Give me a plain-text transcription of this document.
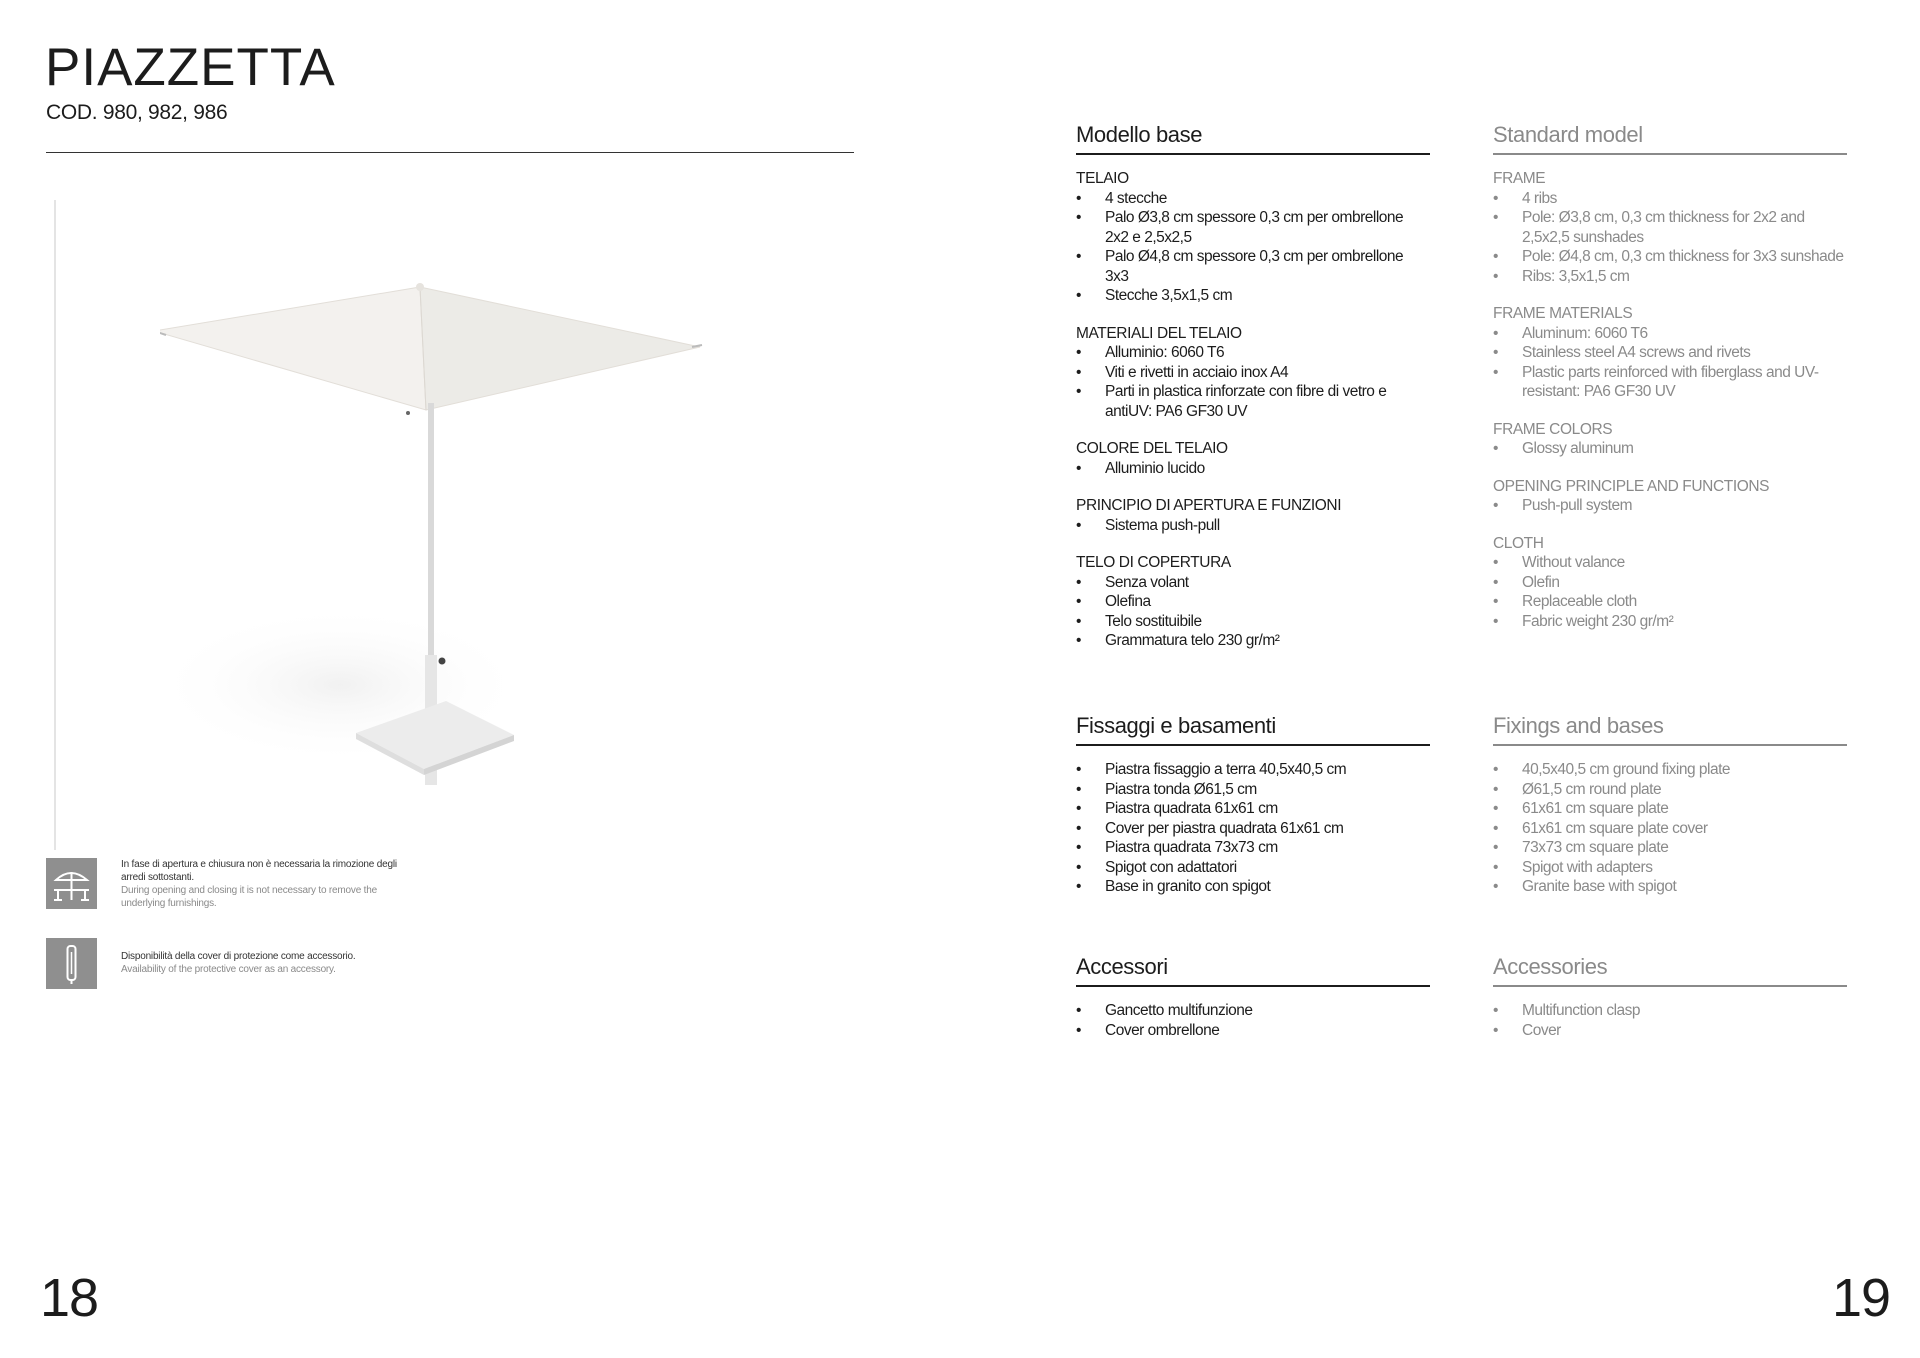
PIAZZETTA
COD. 980, 982, 986
In fase di apertura e chiusura non è necessaria la rimozione degli arredi sottostanti.
During opening and closing it is not necessary to remove the underlying furnishings.
Disponibilità della cover di protezione come accessorio.
Availability of the protective cover as an accessory.
18
Modello base
TELAIO
• 4 stecche
• Palo Ø3,8 cm spessore 0,3 cm per ombrellone 2x2 e 2,5x2,5
• Palo Ø4,8 cm spessore 0,3 cm per ombrellone 3x3
• Stecche 3,5x1,5 cm
MATERIALI DEL TELAIO
• Alluminio: 6060 T6
• Viti e rivetti in acciaio inox A4
• Parti in plastica rinforzate con fibre di vetro e antiUV: PA6 GF30 UV
COLORE DEL TELAIO
• Alluminio lucido
PRINCIPIO DI APERTURA E FUNZIONI
• Sistema push-pull
TELO DI COPERTURA
• Senza volant
• Olefina
• Telo sostituibile
• Grammatura telo 230 gr/m²
Fissaggi e basamenti
• Piastra fissaggio a terra 40,5x40,5 cm
• Piastra tonda Ø61,5 cm
• Piastra quadrata 61x61 cm
• Cover per piastra quadrata 61x61 cm
• Piastra quadrata 73x73 cm
• Spigot con adattatori
• Base in granito con spigot
Accessori
• Gancetto multifunzione
• Cover ombrellone
Standard model
FRAME
• 4 ribs
• Pole: Ø3,8 cm, 0,3 cm thickness for 2x2 and 2,5x2,5 sunshades
• Pole: Ø4,8 cm, 0,3 cm thickness for 3x3 sunshade
• Ribs: 3,5x1,5 cm
FRAME MATERIALS
• Aluminum: 6060 T6
• Stainless steel A4 screws and rivets
• Plastic parts reinforced with fiberglass and UV-resistant: PA6 GF30 UV
FRAME COLORS
• Glossy aluminum
OPENING PRINCIPLE AND FUNCTIONS
• Push-pull system
CLOTH
• Without valance
• Olefin
• Replaceable cloth
• Fabric weight 230 gr/m²
Fixings and bases
• 40,5x40,5 cm ground fixing plate
• Ø61,5 cm round plate
• 61x61 cm square plate
• 61x61 cm square plate cover
• 73x73 cm square plate
• Spigot with adapters
• Granite base with spigot
Accessories
• Multifunction clasp
• Cover
19
